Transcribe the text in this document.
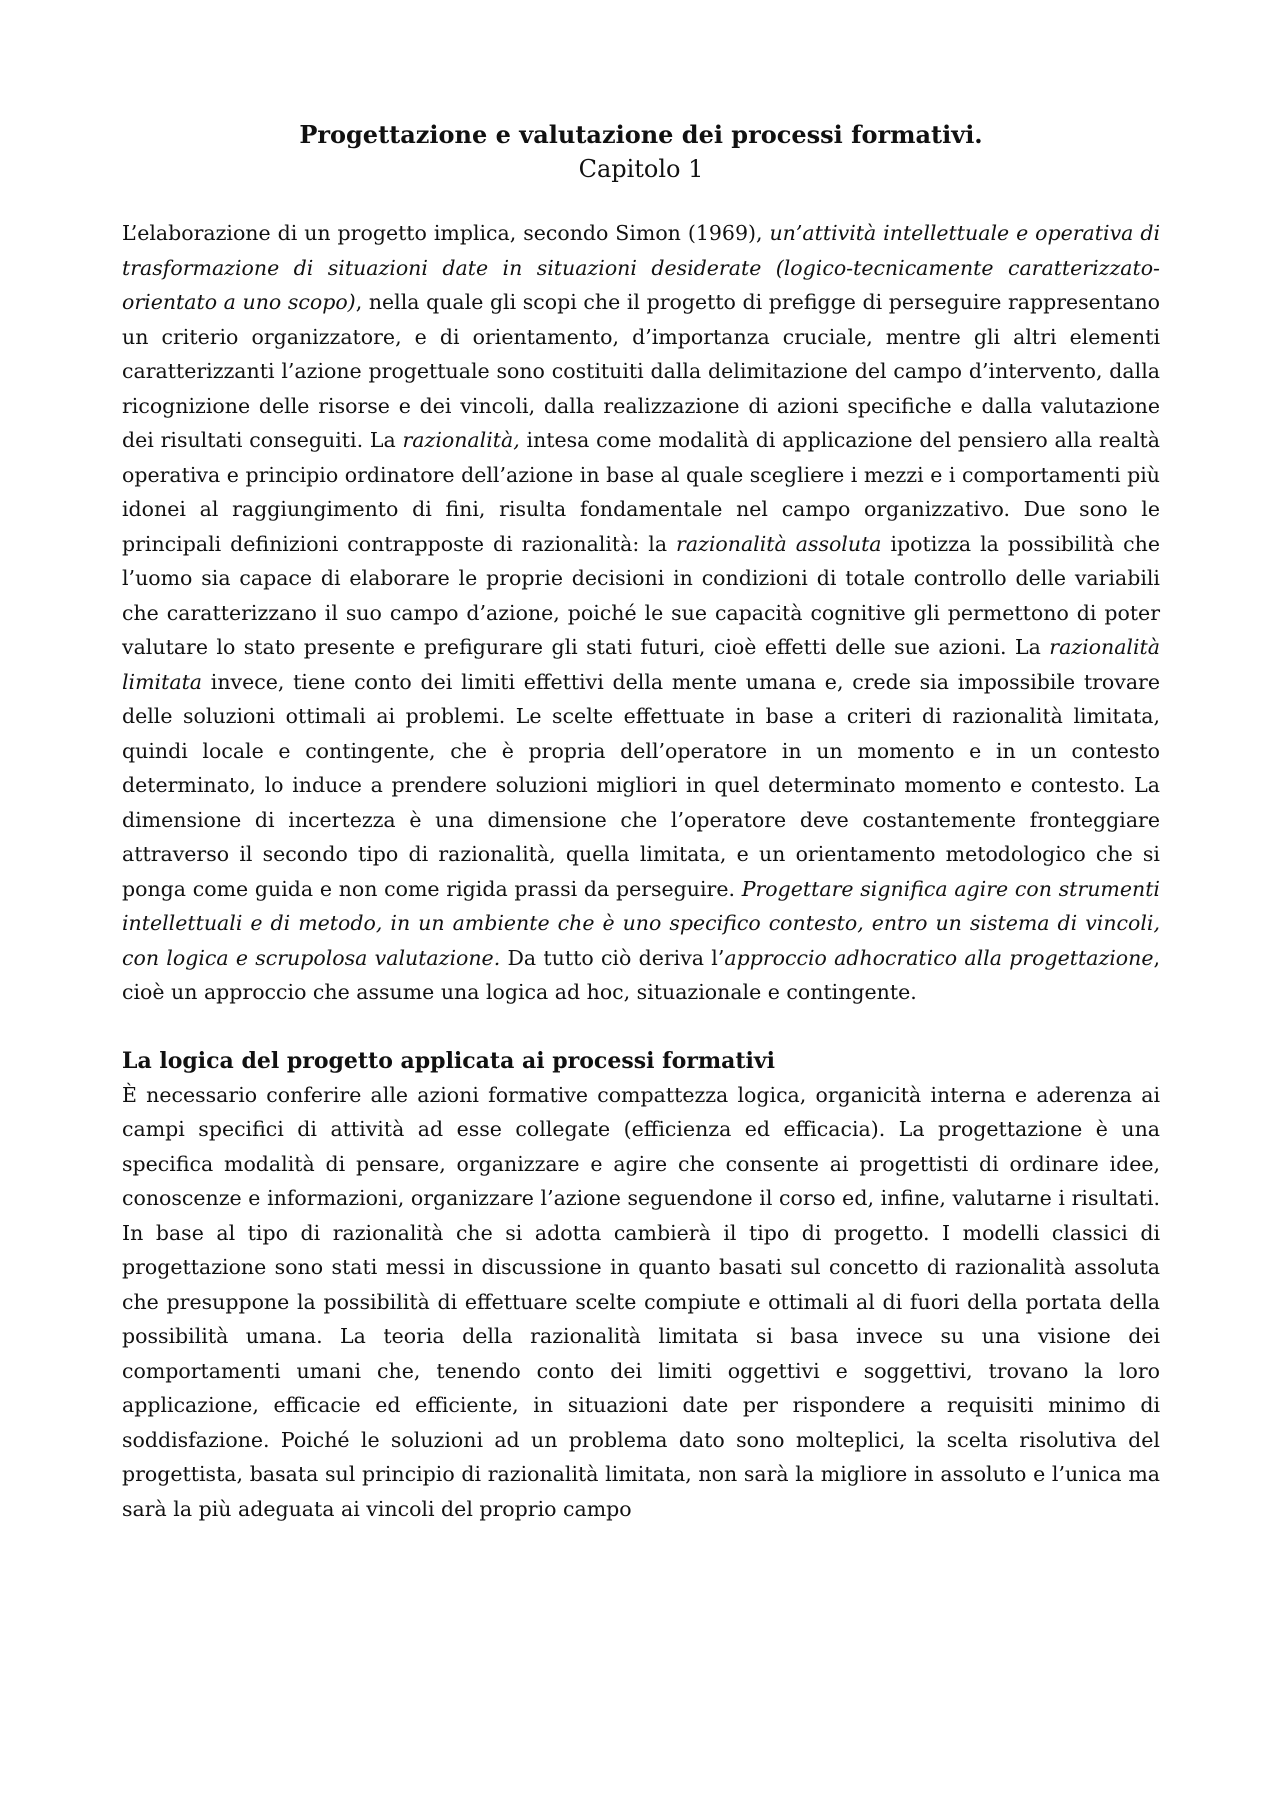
Progettazione e valutazione dei processi formativi.
Capitolo 1

L’elaborazione di un progetto implica, secondo Simon (1969), un’attività intellettuale e operativa di trasformazione di situazioni date in situazioni desiderate (logico-tecnicamente caratterizzato-orientato a uno scopo), nella quale gli scopi che il progetto di prefigge di perseguire rappresentano un criterio organizzatore, e di orientamento, d’importanza cruciale, mentre gli altri elementi caratterizzanti l’azione progettuale sono costituiti dalla delimitazione del campo d’intervento, dalla ricognizione delle risorse e dei vincoli, dalla realizzazione di azioni specifiche e dalla valutazione dei risultati conseguiti. La razionalità, intesa come modalità di applicazione del pensiero alla realtà operativa e principio ordinatore dell’azione in base al quale scegliere i mezzi e i comportamenti più idonei al raggiungimento di fini, risulta fondamentale nel campo organizzativo. Due sono le principali definizioni contrapposte di razionalità: la razionalità assoluta ipotizza la possibilità che l’uomo sia capace di elaborare le proprie decisioni in condizioni di totale controllo delle variabili che caratterizzano il suo campo d’azione, poiché le sue capacità cognitive gli permettono di poter valutare lo stato presente e prefigurare gli stati futuri, cioè effetti delle sue azioni. La razionalità limitata invece, tiene conto dei limiti effettivi della mente umana e, crede sia impossibile trovare delle soluzioni ottimali ai problemi. Le scelte effettuate in base a criteri di razionalità limitata, quindi locale e contingente, che è propria dell’operatore in un momento e in un contesto determinato, lo induce a prendere soluzioni migliori in quel determinato momento e contesto. La dimensione di incertezza è una dimensione che l’operatore deve costantemente fronteggiare attraverso il secondo tipo di razionalità, quella limitata, e un orientamento metodologico che si ponga come guida e non come rigida prassi da perseguire. Progettare significa agire con strumenti intellettuali e di metodo, in un ambiente che è uno specifico contesto, entro un sistema di vincoli, con logica e scrupolosa valutazione. Da tutto ciò deriva l’approccio adhocratico alla progettazione, cioè un approccio che assume una logica ad hoc, situazionale e contingente.

La logica del progetto applicata ai processi formativi

È necessario conferire alle azioni formative compattezza logica, organicità interna e aderenza ai campi specifici di attività ad esse collegate (efficienza ed efficacia). La progettazione è una specifica modalità di pensare, organizzare e agire che consente ai progettisti di ordinare idee, conoscenze e informazioni, organizzare l’azione seguendone il corso ed, infine, valutarne i risultati. In base al tipo di razionalità che si adotta cambierà il tipo di progetto. I modelli classici di progettazione sono stati messi in discussione in quanto basati sul concetto di razionalità assoluta che presuppone la possibilità di effettuare scelte compiute e ottimali al di fuori della portata della possibilità umana. La teoria della razionalità limitata si basa invece su una visione dei comportamenti umani che, tenendo conto dei limiti oggettivi e soggettivi, trovano la loro applicazione, efficacie ed efficiente, in situazioni date per rispondere a requisiti minimo di soddisfazione. Poiché le soluzioni ad un problema dato sono molteplici, la scelta risolutiva del progettista, basata sul principio di razionalità limitata, non sarà la migliore in assoluto e l’unica ma sarà la più adeguata ai vincoli del proprio campo
